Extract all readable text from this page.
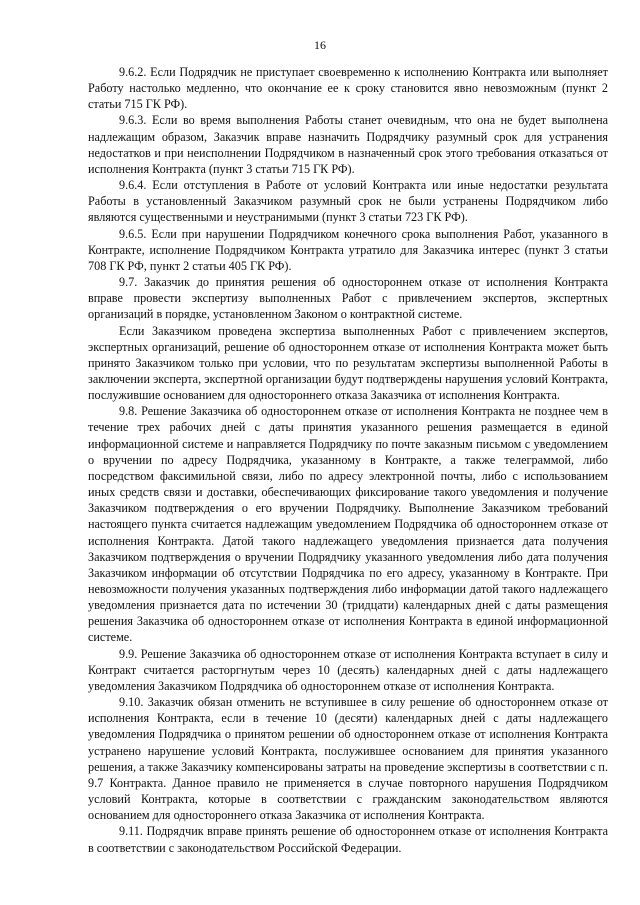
16

9.6.2. Если Подрядчик не приступает своевременно к исполнению Контракта или выполняет Работу настолько медленно, что окончание ее к сроку становится явно невозможным (пункт 2 статьи 715 ГК РФ).

9.6.3. Если во время выполнения Работы станет очевидным, что она не будет выполнена надлежащим образом, Заказчик вправе назначить Подрядчику разумный срок для устранения недостатков и при неисполнении Подрядчиком в назначенный срок этого требования отказаться от исполнения Контракта (пункт 3 статьи 715 ГК РФ).

9.6.4. Если отступления в Работе от условий Контракта или иные недостатки результата Работы в установленный Заказчиком разумный срок не были устранены Подрядчиком либо являются существенными и неустранимыми (пункт 3 статьи 723 ГК РФ).

9.6.5. Если при нарушении Подрядчиком конечного срока выполнения Работ, указанного в Контракте, исполнение Подрядчиком Контракта утратило для Заказчика интерес (пункт 3 статьи 708 ГК РФ, пункт 2 статьи 405 ГК РФ).

9.7. Заказчик до принятия решения об одностороннем отказе от исполнения Контракта вправе провести экспертизу выполненных Работ с привлечением экспертов, экспертных организаций в порядке, установленном Законом о контрактной системе.

Если Заказчиком проведена экспертиза выполненных Работ с привлечением экспертов, экспертных организаций, решение об одностороннем отказе от исполнения Контракта может быть принято Заказчиком только при условии, что по результатам экспертизы выполненной Работы в заключении эксперта, экспертной организации будут подтверждены нарушения условий Контракта, послужившие основанием для одностороннего отказа Заказчика от исполнения Контракта.

9.8. Решение Заказчика об одностороннем отказе от исполнения Контракта не позднее чем в течение трех рабочих дней с даты принятия указанного решения размещается в единой информационной системе и направляется Подрядчику по почте заказным письмом с уведомлением о вручении по адресу Подрядчика, указанному в Контракте, а также телеграммой, либо посредством факсимильной связи, либо по адресу электронной почты, либо с использованием иных средств связи и доставки, обеспечивающих фиксирование такого уведомления и получение Заказчиком подтверждения о его вручении Подрядчику. Выполнение Заказчиком требований настоящего пункта считается надлежащим уведомлением Подрядчика об одностороннем отказе от исполнения Контракта. Датой такого надлежащего уведомления признается дата получения Заказчиком подтверждения о вручении Подрядчику указанного уведомления либо дата получения Заказчиком информации об отсутствии Подрядчика по его адресу, указанному в Контракте. При невозможности получения указанных подтверждения либо информации датой такого надлежащего уведомления признается дата по истечении 30 (тридцати) календарных дней с даты размещения решения Заказчика об одностороннем отказе от исполнения Контракта в единой информационной системе.

9.9. Решение Заказчика об одностороннем отказе от исполнения Контракта вступает в силу и Контракт считается расторгнутым через 10 (десять) календарных дней с даты надлежащего уведомления Заказчиком Подрядчика об одностороннем отказе от исполнения Контракта.

9.10. Заказчик обязан отменить не вступившее в силу решение об одностороннем отказе от исполнения Контракта, если в течение 10 (десяти) календарных дней с даты надлежащего уведомления Подрядчика о принятом решении об одностороннем отказе от исполнения Контракта устранено нарушение условий Контракта, послужившее основанием для принятия указанного решения, а также Заказчику компенсированы затраты на проведение экспертизы в соответствии с п. 9.7 Контракта. Данное правило не применяется в случае повторного нарушения Подрядчиком условий Контракта, которые в соответствии с гражданским законодательством являются основанием для одностороннего отказа Заказчика от исполнения Контракта.

9.11. Подрядчик вправе принять решение об одностороннем отказе от исполнения Контракта в соответствии с законодательством Российской Федерации.
